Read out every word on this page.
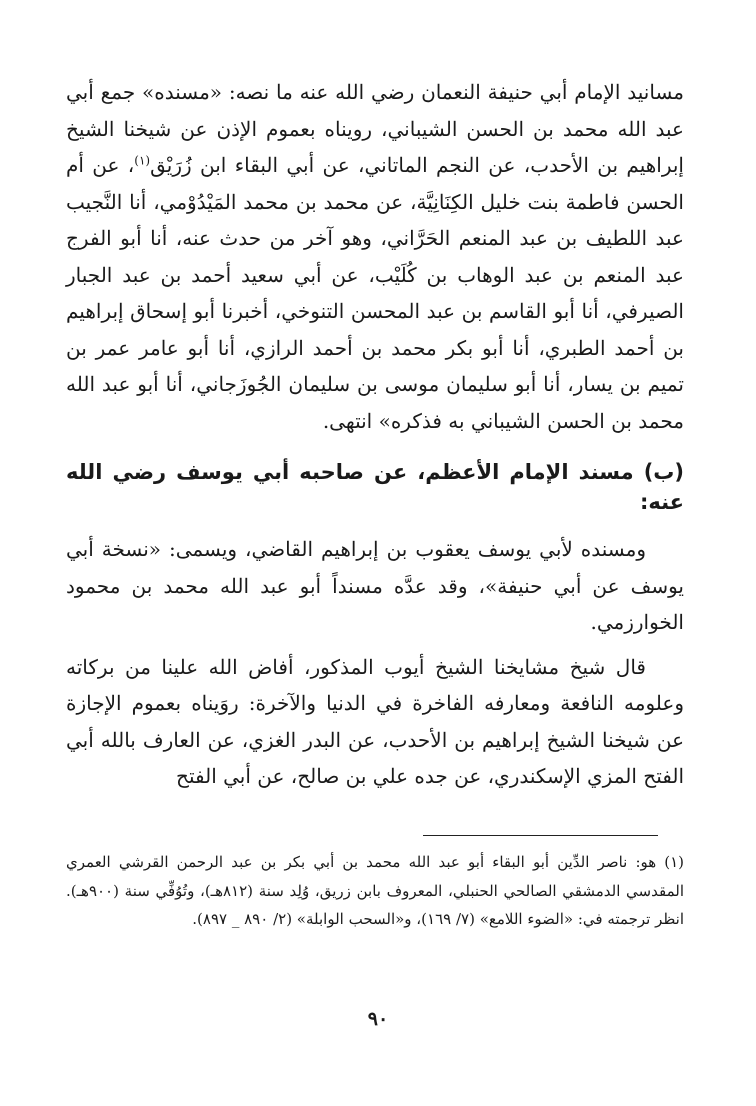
مسانيد الإمام أبي حنيفة النعمان رضي الله عنه ما نصه: «مسنده» جمع أبي عبد الله محمد بن الحسن الشيباني، رويناه بعموم الإذن عن شيخنا الشيخ إبراهيم بن الأحدب، عن النجم الماتاني، عن أبي البقاء ابن زُرَيْق$^{(١)}$، عن أم الحسن فاطمة بنت خليل الكِنَانِيَّة، عن محمد بن محمد المَيْدُوْمي، أنا النَّجيب عبد اللطيف بن عبد المنعم الحَرَّاني، وهو آخر من حدث عنه، أنا أبو الفرج عبد المنعم بن عبد الوهاب بن كُلَيْب، عن أبي سعيد أحمد بن عبد الجبار الصيرفي، أنا أبو القاسم بن عبد المحسن التنوخي، أخبرنا أبو إسحاق إبراهيم بن أحمد الطبري، أنا أبو بكر محمد بن أحمد الرازي، أنا أبو عامر عمر بن تميم بن يسار، أنا أبو سليمان موسى بن سليمان الجُوزَجاني، أنا أبو عبد الله محمد بن الحسن الشيباني به فذكره» انتهى.

(ب) مسند الإمام الأعظم، عن صاحبه أبي يوسف رضي الله عنه:

ومسنده لأبي يوسف يعقوب بن إبراهيم القاضي، ويسمى: «نسخة أبي يوسف عن أبي حنيفة»، وقد عدَّه مسنداً أبو عبد الله محمد بن محمود الخوارزمي.

قال شيخ مشايخنا الشيخ أيوب المذكور، أفاض الله علينا من بركاته وعلومه النافعة ومعارفه الفاخرة في الدنيا والآخرة: روَيناه بعموم الإجازة عن شيخنا الشيخ إبراهيم بن الأحدب، عن البدر الغزي، عن العارف بالله أبي الفتح المزي الإسكندري، عن جده علي بن صالح، عن أبي الفتح

(١)هو: ناصر الدِّين أبو البقاء أبو عبد الله محمد بن أبي بكر بن عبد الرحمن القرشي العمري المقدسي الدمشقي الصالحي الحنبلي، المعروف بابن زريق، وُلِد سنة (٨١٢هـ)، وتُوُفِّي سنة (٩٠٠هـ). انظر ترجمته في: «الضوء اللامع» (٧/ ١٦٩)، و«السحب الوابلة» (٢/ ٨٩٠ _ ٨٩٧).

٩٠
